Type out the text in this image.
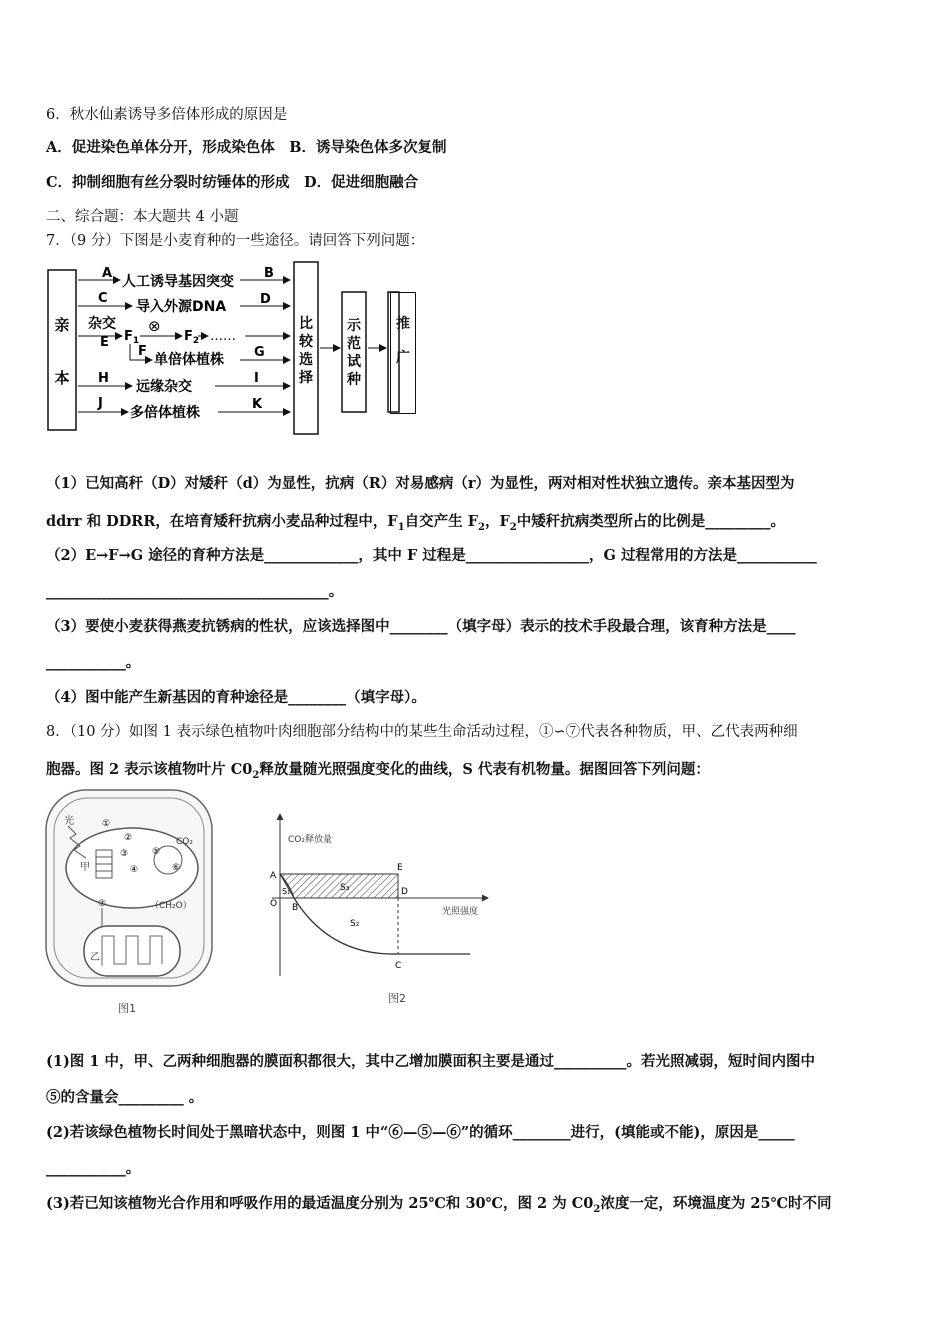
6．秋水仙素诱导多倍体形成的原因是
A．促进染色单体分开，形成染色体　B．诱导染色体多次复制
C．抑制细胞有丝分裂时纺锤体的形成　D．促进细胞融合
二、综合题：本大题共 4 小题
7．（9 分）下图是小麦育种的一些途径。请回答下列问题：
亲
本
A
人工诱导基因突变
B
C
导入外源DNA	D
杂交
E $F_1$
⊗
$F_2$ ……
F
单倍体植株 G
H
远缘杂交
I
J
多倍体植株
K
比
较
选
择
示
范
试
种
推
广
（1）已知高秆（D）对矮秆（d）为显性，抗病（R）对易感病（r）为显性，两对相对性状独立遗传。亲本基因型为
ddrr 和 DDRR，在培育矮秆抗病小麦品种过程中，$F_1$自交产生 $F_2$，$F_2$中矮秆抗病类型所占的比例是_________。
（2）E→F→G 途径的育种方法是_____________，其中 F 过程是_________________，G 过程常用的方法是___________
_______________________________________。
（3）要使小麦获得燕麦抗锈病的性状，应该选择图中________（填字母）表示的技术手段最合理，该育种方法是____
___________。
（4）图中能产生新基因的育种途径是________（填字母）。
8．（10 分）如图 1 表示绿色植物叶肉细胞部分结构中的某些生命活动过程，①∽⑦代表各种物质，甲、乙代表两种细
胞器。图 2 表示该植物叶片 $C0_2$释放量随光照强度变化的曲线，S 代表有机物量。据图回答下列问题：
光
甲
CO₂
（CH₂O）
①
②
③
④
⑤
⑥
⑦
乙
图1
CO₂释放量
光照强度
A
B
C
D
E
O
S₁
S₂
S₃
图2
(1)图 1 中，甲、乙两种细胞器的膜面积都很大，其中乙增加膜面积主要是通过__________。若光照减弱，短时间内图中
⑤的含量会_________ 。
(2)若该绿色植物长时间处于黑暗状态中，则图 1 中“⑥—⑤—⑥”的循环________进行，(填能或不能)，原因是_____
___________。
(3)若已知该植物光合作用和呼吸作用的最适温度分别为 25℃和 30℃，图 2 为 $C0_2$浓度一定，环境温度为 25℃时不同
